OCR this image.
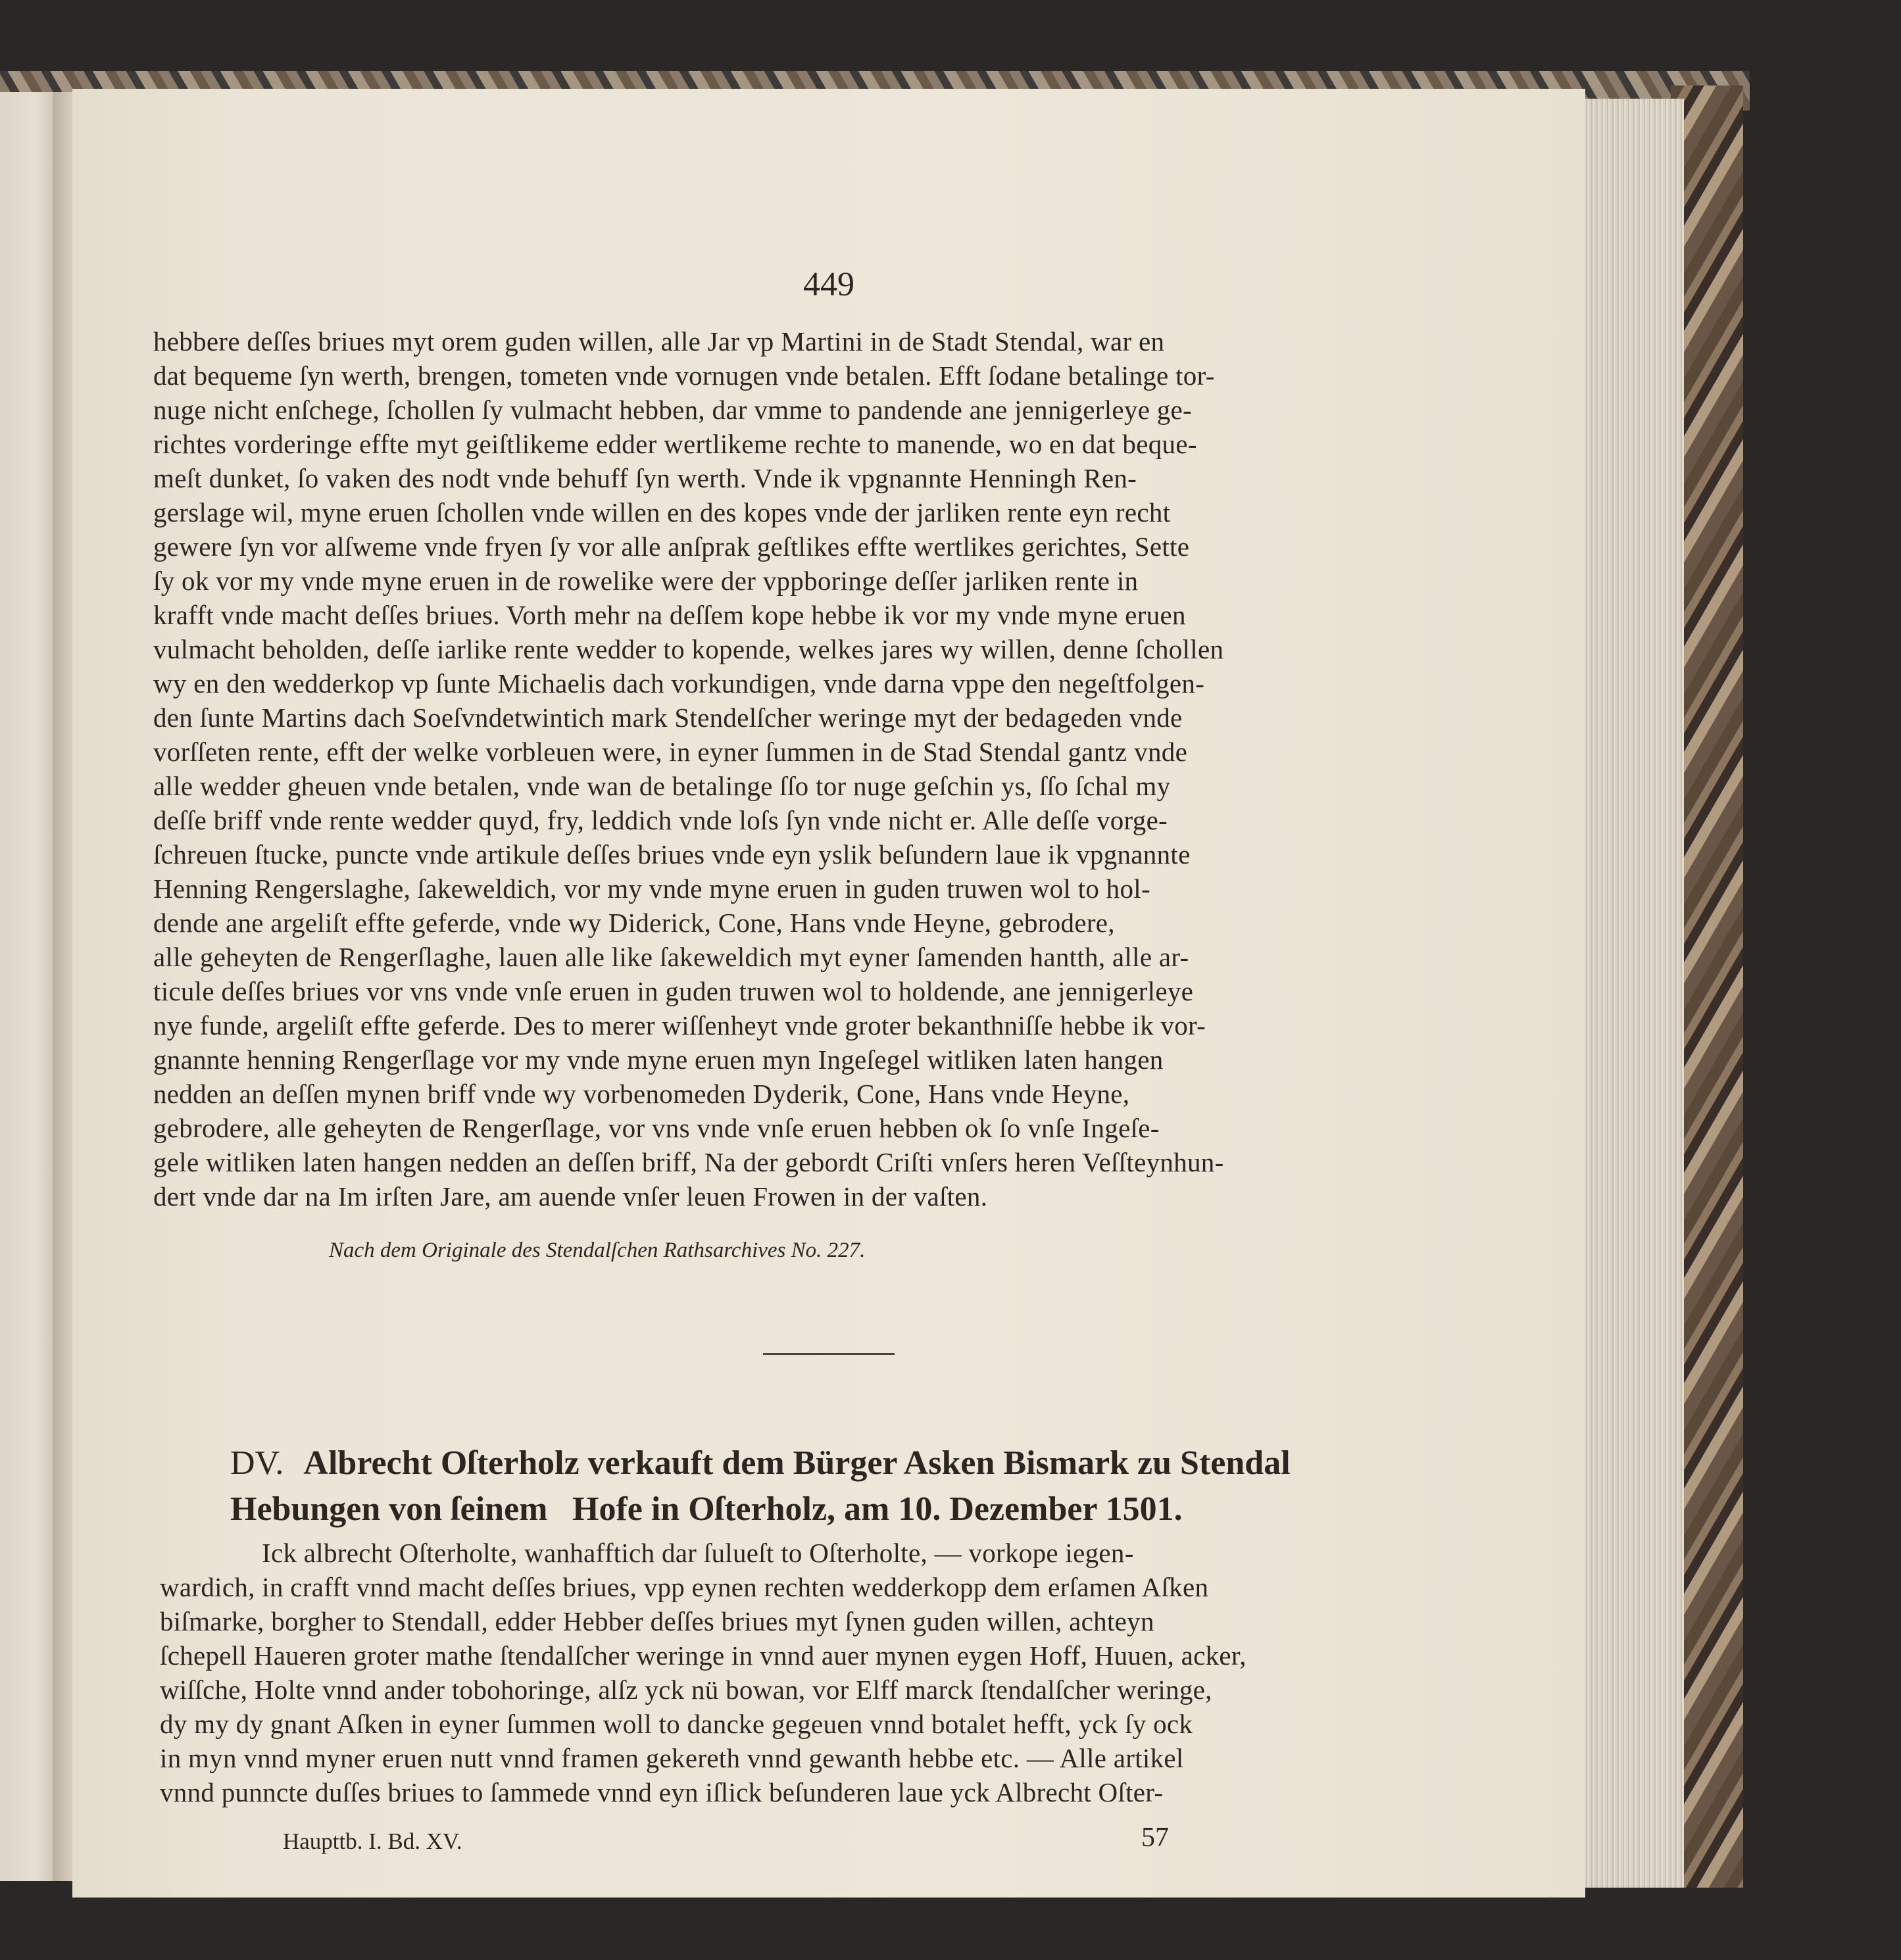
449
hebbere deſſes briues myt orem guden willen, alle Jar vp Martini in de Stadt Stendal, war en
dat bequeme ſyn werth, brengen, tometen vnde vornugen vnde betalen. Efft ſodane betalinge tor-
nuge nicht enſchege, ſchollen ſy vulmacht hebben, dar vmme to pandende ane jennigerleye ge-
richtes vorderinge effte myt geiſtlikeme edder wertlikeme rechte to manende, wo en dat beque-
meſt dunket, ſo vaken des nodt vnde behuff ſyn werth. Vnde ik vpgnannte Henningh Ren-
gerslage wil, myne eruen ſchollen vnde willen en des kopes vnde der jarliken rente eyn recht
gewere ſyn vor alſweme vnde fryen ſy vor alle anſprak geſtlikes effte wertlikes gerichtes, Sette
ſy ok vor my vnde myne eruen in de rowelike were der vppboringe deſſer jarliken rente in
krafft vnde macht deſſes briues. Vorth mehr na deſſem kope hebbe ik vor my vnde myne eruen
vulmacht beholden, deſſe iarlike rente wedder to kopende, welkes jares wy willen, denne ſchollen
wy en den wedderkop vp ſunte Michaelis dach vorkundigen, vnde darna vppe den negeſtfolgen-
den ſunte Martins dach Soeſvndetwintich mark Stendelſcher weringe myt der bedageden vnde
vorſſeten rente, efft der welke vorbleuen were, in eyner ſummen in de Stad Stendal gantz vnde
alle wedder gheuen vnde betalen, vnde wan de betalinge ſſo tor nuge geſchin ys, ſſo ſchal my
deſſe briff vnde rente wedder quyd, fry, leddich vnde loſs ſyn vnde nicht er. Alle deſſe vorge-
ſchreuen ſtucke, puncte vnde artikule deſſes briues vnde eyn yslik beſundern laue ik vpgnannte
Henning Rengerslaghe, ſakeweldich, vor my vnde myne eruen in guden truwen wol to hol-
dende ane argeliſt effte geferde, vnde wy Diderick, Cone, Hans vnde Heyne, gebrodere,
alle geheyten de Rengerſlaghe, lauen alle like ſakeweldich myt eyner ſamenden hantth, alle ar-
ticule deſſes briues vor vns vnde vnſe eruen in guden truwen wol to holdende, ane jennigerleye
nye funde, argeliſt effte geferde. Des to merer wiſſenheyt vnde groter bekanthniſſe hebbe ik vor-
gnannte henning Rengerſlage vor my vnde myne eruen myn Ingeſegel witliken laten hangen
nedden an deſſen mynen briff vnde wy vorbenomeden Dyderik, Cone, Hans vnde Heyne,
gebrodere, alle geheyten de Rengerſlage, vor vns vnde vnſe eruen hebben ok ſo vnſe Ingeſe-
gele witliken laten hangen nedden an deſſen briff, Na der gebordt Criſti vnſers heren Veſſteynhun-
dert vnde dar na Im irſten Jare, am auende vnſer leuen Frowen in der vaſten.
Nach dem Originale des Stendalſchen Rathsarchives No. 227.
DV. Albrecht Oſterholz verkauft dem Bürger Asken Bismark zu Stendal Hebungen von ſeinem Hofe in Oſterholz, am 10. Dezember 1501.
Ick albrecht Oſterholte, wanhafftich dar ſulueſt to Oſterholte, — vorkope iegen-
wardich, in crafft vnnd macht deſſes briues, vpp eynen rechten wedderkopp dem erſamen Aſken
biſmarke, borgher to Stendall, edder Hebber deſſes briues myt ſynen guden willen, achteyn
ſchepell Haueren groter mathe ſtendalſcher weringe in vnnd auer mynen eygen Hoff, Huuen, acker,
wiſſche, Holte vnnd ander tobohoringe, alſz yck nü bowan, vor Elff marck ſtendalſcher weringe,
dy my dy gnant Aſken in eyner ſummen woll to dancke gegeuen vnnd botalet hefft, yck ſy ock
in myn vnnd myner eruen nutt vnnd framen gekereth vnnd gewanth hebbe etc. — Alle artikel
vnnd punncte duſſes briues to ſammede vnnd eyn iſlick beſunderen laue yck Albrecht Oſter-
Haupttb. I. Bd. XV.	57
